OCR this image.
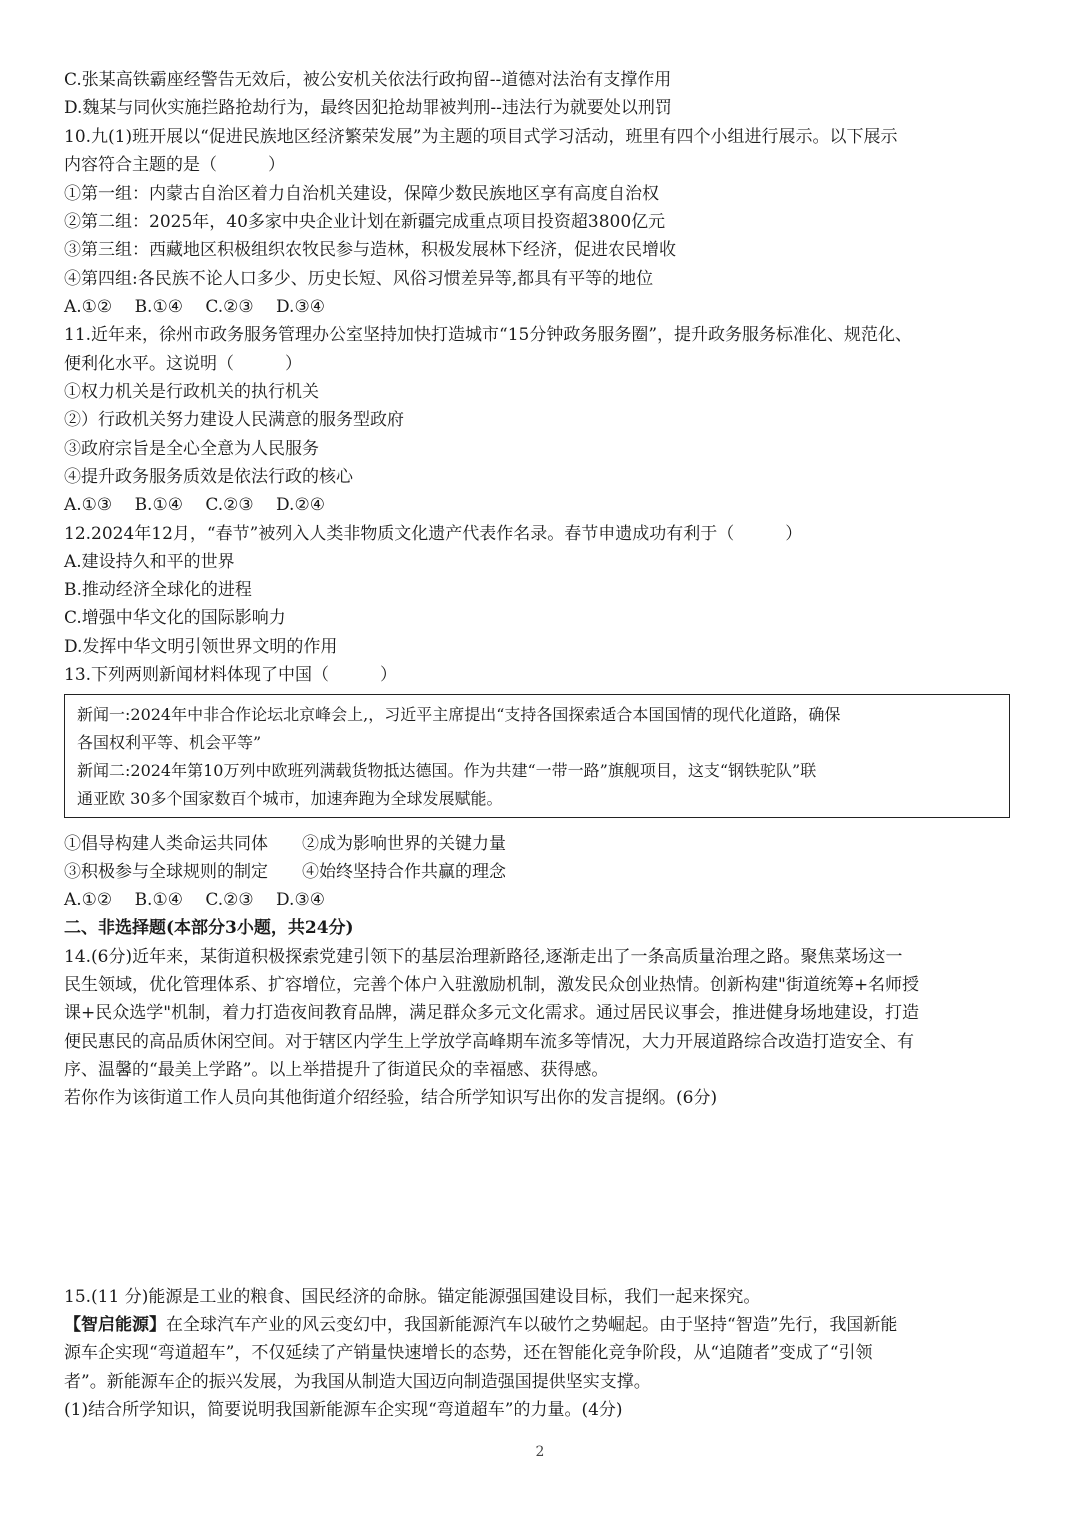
C.张某高铁霸座经警告无效后，被公安机关依法行政拘留--道德对法治有支撑作用
D.魏某与同伙实施拦路抢劫行为，最终因犯抢劫罪被判刑--违法行为就要处以刑罚
10.九(1)班开展以“促进民族地区经济繁荣发展”为主题的项目式学习活动，班里有四个小组进行展示。以下展示
内容符合主题的是（　　　）
①第一组：内蒙古自治区着力自治机关建设，保障少数民族地区享有高度自治权
②第二组：2025年，40多家中央企业计划在新疆完成重点项目投资超3800亿元
③第三组：西藏地区积极组织农牧民参与造林，积极发展林下经济，促进农民增收
④第四组:各民族不论人口多少、历史长短、风俗习惯差异等,都具有平等的地位
A.①②　 B.①④　 C.②③　 D.③④
11.近年来，徐州市政务服务管理办公室坚持加快打造城市“15分钟政务服务圈”，提升政务服务标准化、规范化、
便利化水平。这说明（　　　）
①权力机关是行政机关的执行机关
②）行政机关努力建设人民满意的服务型政府
③政府宗旨是全心全意为人民服务
④提升政务服务质效是依法行政的核心
A.①③　 B.①④　 C.②③　 D.②④
12.2024年12月，“春节”被列入人类非物质文化遗产代表作名录。春节申遗成功有利于（　　　）
A.建设持久和平的世界
B.推动经济全球化的进程
C.增强中华文化的国际影响力
D.发挥中华文明引领世界文明的作用
13.下列两则新闻材料体现了中国（　　　）
新闻一:2024年中非合作论坛北京峰会上,，习近平主席提出“支持各国探索适合本国国情的现代化道路，确保
各国权利平等、机会平等”
新闻二:2024年第10万列中欧班列满载货物抵达德国。作为共建“一带一路”旗舰项目，这支“钢铁驼队”联
通亚欧 30多个国家数百个城市，加速奔跑为全球发展赋能。
①倡导构建人类命运共同体　　②成为影响世界的关键力量
③积极参与全球规则的制定　　④始终坚持合作共赢的理念
A.①②　 B.①④　 C.②③　 D.③④
二、非选择题(本部分3小题，共24分)
14.(6分)近年来，某街道积极探索党建引领下的基层治理新路径,逐渐走出了一条高质量治理之路。聚焦菜场这一
民生领域，优化管理体系、扩容增位，完善个体户入驻激励机制，激发民众创业热情。创新构建"街道统筹+名师授
课+民众选学"机制，着力打造夜间教育品牌，满足群众多元文化需求。通过居民议事会，推进健身场地建设，打造
便民惠民的高品质休闲空间。对于辖区内学生上学放学高峰期车流多等情况，大力开展道路综合改造打造安全、有
序、温馨的“最美上学路”。以上举措提升了街道民众的幸福感、获得感。
若你作为该街道工作人员向其他街道介绍经验，结合所学知识写出你的发言提纲。(6分)
15.(11 分)能源是工业的粮食、国民经济的命脉。锚定能源强国建设目标，我们一起来探究。
【智启能源】在全球汽车产业的风云变幻中，我国新能源汽车以破竹之势崛起。由于坚持“智造”先行，我国新能
源车企实现“弯道超车”，不仅延续了产销量快速增长的态势，还在智能化竞争阶段，从“追随者”变成了“引领
者”。新能源车企的振兴发展，为我国从制造大国迈向制造强国提供坚实支撑。
(1)结合所学知识，简要说明我国新能源车企实现“弯道超车”的力量。(4分)
2
